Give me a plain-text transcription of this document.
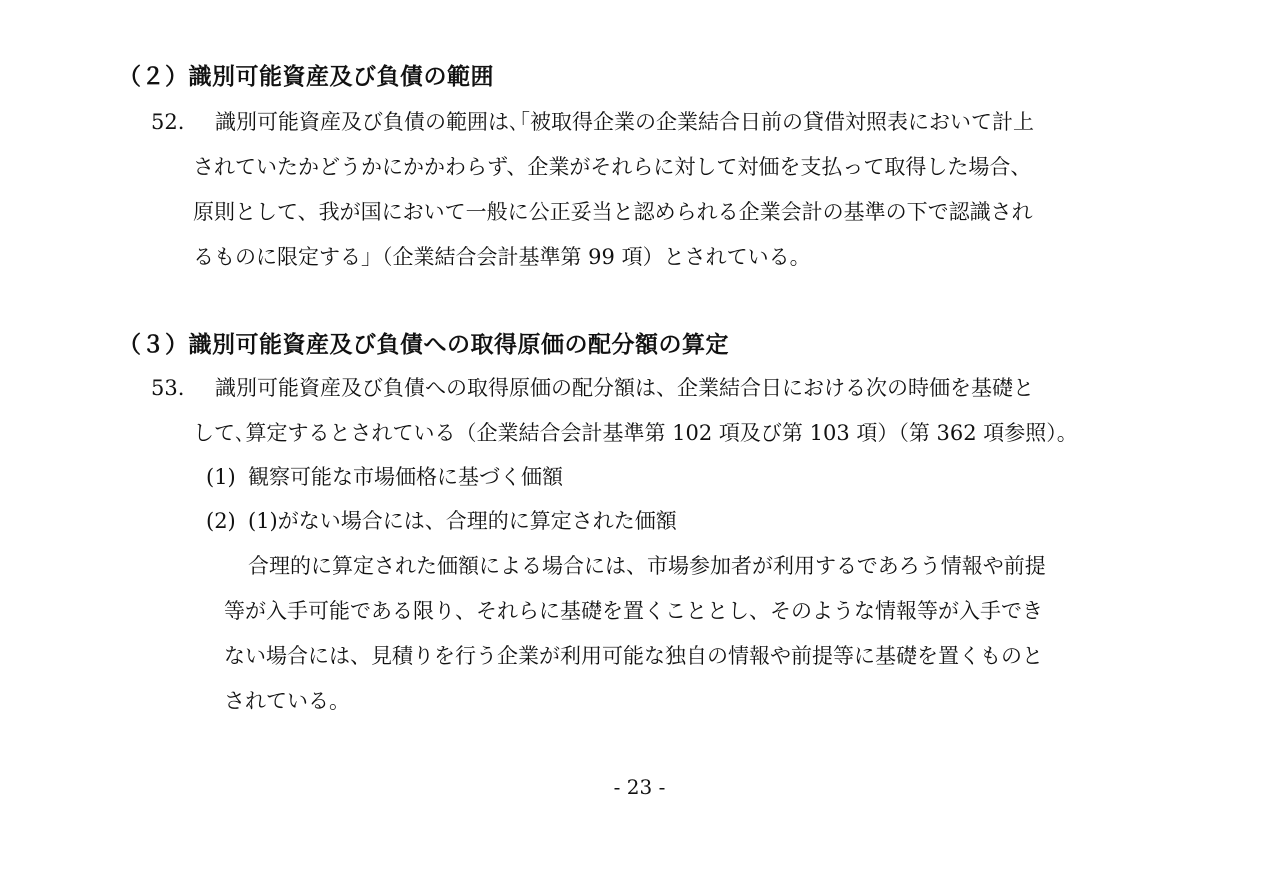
（２）識別可能資産及び負債の範囲
52. 識別可能資産及び負債の範囲は､｢被取得企業の企業結合日前の貸借対照表において計上
されていたかどうかにかかわらず、企業がそれらに対して対価を支払って取得した場合、
原則として、我が国において一般に公正妥当と認められる企業会計の基準の下で認識され
るものに限定する｣（企業結合会計基準第 99 項）とされている。
（３）識別可能資産及び負債への取得原価の配分額の算定
53. 識別可能資産及び負債への取得原価の配分額は、企業結合日における次の時価を基礎と
して､算定するとされている（企業結合会計基準第 102 項及び第 103 項）（第 362 項参照）。
(1) 観察可能な市場価格に基づく価額
(2) (1)がない場合には、合理的に算定された価額
合理的に算定された価額による場合には、市場参加者が利用するであろう情報や前提
等が入手可能である限り、それらに基礎を置くこととし、そのような情報等が入手でき
ない場合には、見積りを行う企業が利用可能な独自の情報や前提等に基礎を置くものと
されている。
- 23 -
